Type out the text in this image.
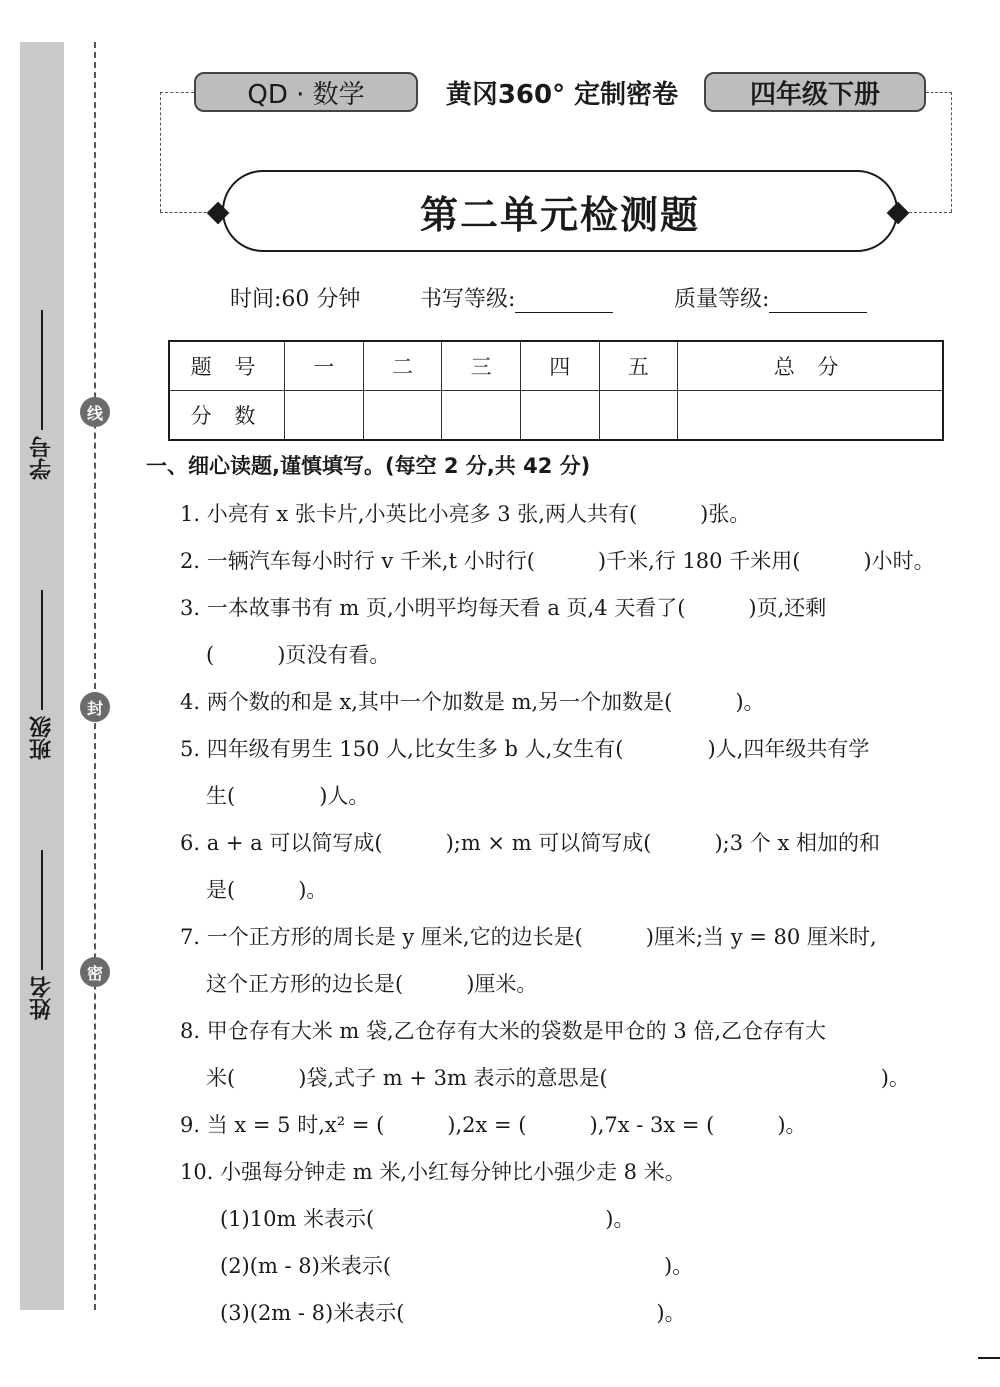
学号
班级
姓名
线
封
密
QD · 数学	黄冈360° 定制密卷	四年级下册
第二单元检测题
时间:60 分钟	书写等级:	质量等级:
题 号	一	二	三	四	五	总 分
分 数						
一、细心读题,谨慎填写。(每空 2 分,共 42 分)
1. 小亮有 x 张卡片,小英比小亮多 3 张,两人共有(　　　)张。
2. 一辆汽车每小时行 v 千米,t 小时行(　　　)千米,行 180 千米用(　　　)小时。
3. 一本故事书有 m 页,小明平均每天看 a 页,4 天看了(　　　)页,还剩
(　　　)页没有看。
4. 两个数的和是 x,其中一个加数是 m,另一个加数是(　　　)。
5. 四年级有男生 150 人,比女生多 b 人,女生有(　　　　)人,四年级共有学
生(　　　　)人。
6. a + a 可以简写成(　　　);m × m 可以简写成(　　　);3 个 x 相加的和
是(　　　)。
7. 一个正方形的周长是 y 厘米,它的边长是(　　　)厘米;当 y = 80 厘米时,
这个正方形的边长是(　　　)厘米。
8. 甲仓存有大米 m 袋,乙仓存有大米的袋数是甲仓的 3 倍,乙仓存有大
米(　　　)袋,式子 m + 3m 表示的意思是(　　　　　　　　　　　　　)。
9. 当 x = 5 时,x² = (　　　),2x = (　　　),7x - 3x = (　　　)。
10. 小强每分钟走 m 米,小红每分钟比小强少走 8 米。
(1)10m 米表示(　　　　　　　　　　　)。
(2)(m - 8)米表示(　　　　　　　　　　　　　)。
(3)(2m - 8)米表示(　　　　　　　　　　　　)。
